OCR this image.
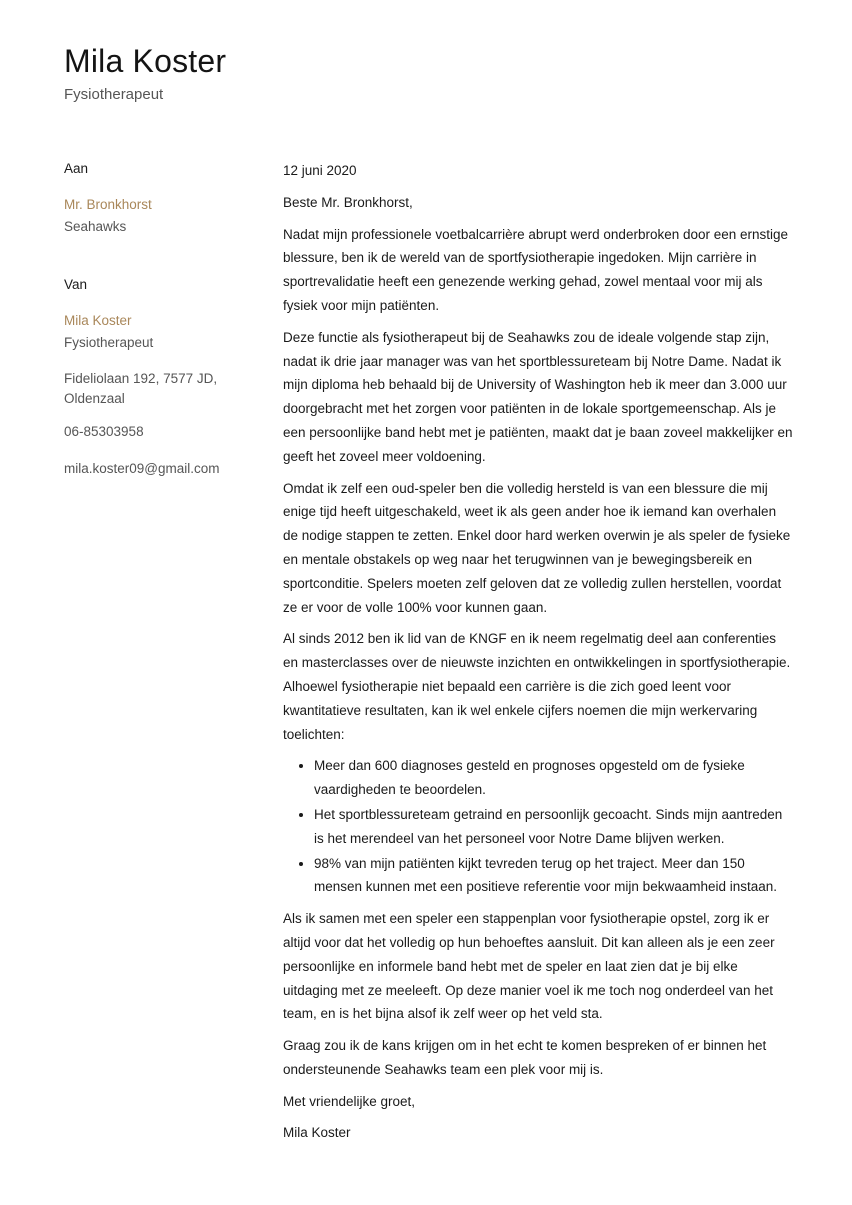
Mila Koster
Fysiotherapeut
Aan
Mr. Bronkhorst
Seahawks
Van
Mila Koster
Fysiotherapeut
Fideliolaan 192, 7577 JD, Oldenzaal
06-85303958
mila.koster09@gmail.com

12 juni 2020

Beste Mr. Bronkhorst,

Nadat mijn professionele voetbalcarrière abrupt werd onderbroken door een ernstige blessure, ben ik de wereld van de sportfysiotherapie ingedoken. Mijn carrière in sportrevalidatie heeft een genezende werking gehad, zowel mentaal voor mij als fysiek voor mijn patiënten.

Deze functie als fysiotherapeut bij de Seahawks zou de ideale volgende stap zijn, nadat ik drie jaar manager was van het sportblessureteam bij Notre Dame. Nadat ik mijn diploma heb behaald bij de University of Washington heb ik meer dan 3.000 uur doorgebracht met het zorgen voor patiënten in de lokale sportgemeenschap. Als je een persoonlijke band hebt met je patiënten, maakt dat je baan zoveel makkelijker en geeft het zoveel meer voldoening.

Omdat ik zelf een oud-speler ben die volledig hersteld is van een blessure die mij enige tijd heeft uitgeschakeld, weet ik als geen ander hoe ik iemand kan overhalen de nodige stappen te zetten. Enkel door hard werken overwin je als speler de fysieke en mentale obstakels op weg naar het terugwinnen van je bewegingsbereik en sportconditie. Spelers moeten zelf geloven dat ze volledig zullen herstellen, voordat ze er voor de volle 100% voor kunnen gaan.

Al sinds 2012 ben ik lid van de KNGF en ik neem regelmatig deel aan conferenties en masterclasses over de nieuwste inzichten en ontwikkelingen in sportfysiotherapie. Alhoewel fysiotherapie niet bepaald een carrière is die zich goed leent voor kwantitatieve resultaten, kan ik wel enkele cijfers noemen die mijn werkervaring toelichten:

• Meer dan 600 diagnoses gesteld en prognoses opgesteld om de fysieke vaardigheden te beoordelen.
• Het sportblessureteam getraind en persoonlijk gecoacht. Sinds mijn aantreden is het merendeel van het personeel voor Notre Dame blijven werken.
• 98% van mijn patiënten kijkt tevreden terug op het traject. Meer dan 150 mensen kunnen met een positieve referentie voor mijn bekwaamheid instaan.

Als ik samen met een speler een stappenplan voor fysiotherapie opstel, zorg ik er altijd voor dat het volledig op hun behoeftes aansluit. Dit kan alleen als je een zeer persoonlijke en informele band hebt met de speler en laat zien dat je bij elke uitdaging met ze meeleeft. Op deze manier voel ik me toch nog onderdeel van het team, en is het bijna alsof ik zelf weer op het veld sta.

Graag zou ik de kans krijgen om in het echt te komen bespreken of er binnen het ondersteunende Seahawks team een plek voor mij is.

Met vriendelijke groet,

Mila Koster
